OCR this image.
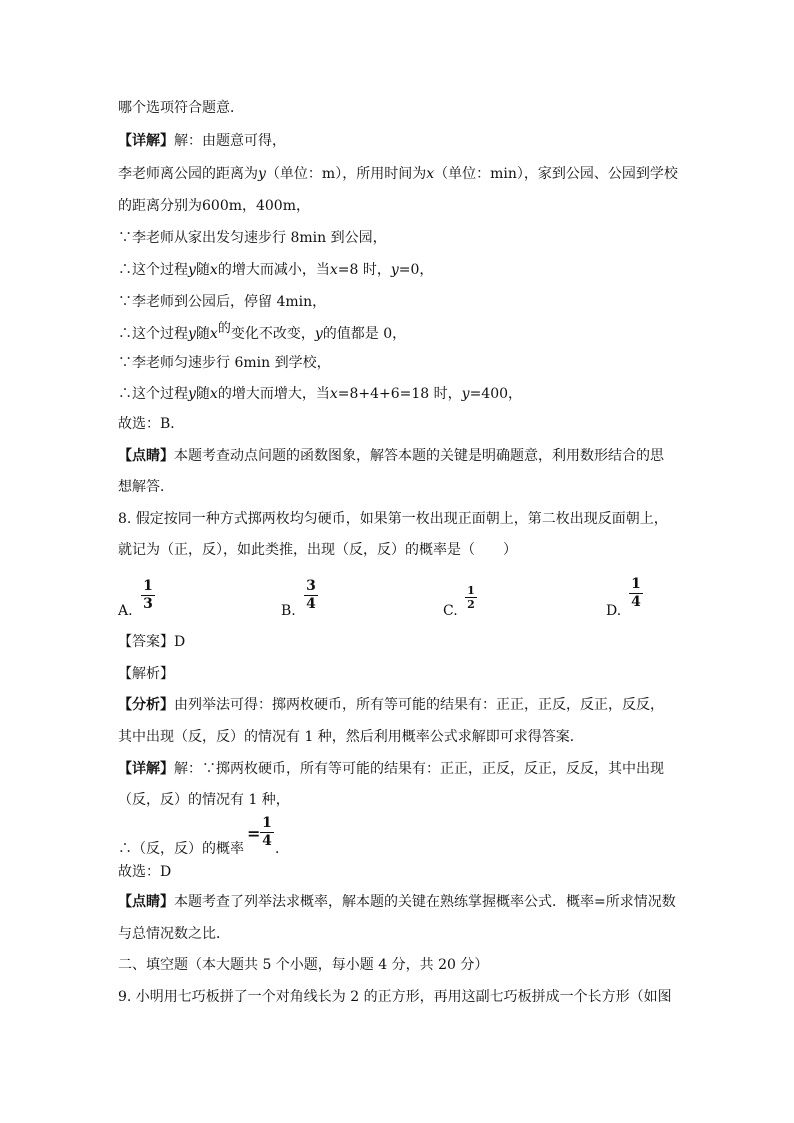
哪个选项符合题意．
【详解】解：由题意可得，
李老师离公园的距离为y（单位：m），所用时间为x（单位：min），家到公园、公园到学校
的距离分别为600m，400m，
∵李老师从家出发匀速步行 8min 到公园，
∴这个过程y随x的增大而减小，当x=8 时，y=0，
∵李老师到公园后，停留 4min，
∴这个过程y随x的变化不改变，y的值都是 0，
∵李老师匀速步行 6min 到学校，
∴这个过程y随x的增大而增大，当x=8+4+6=18 时，y=400，
故选：B．
【点睛】本题考查动点问题的函数图象，解答本题的关键是明确题意，利用数形结合的思
想解答．
8. 假定按同一种方式掷两枚均匀硬币，如果第一枚出现正面朝上，第二枚出现反面朝上，
就记为（正，反），如此类推，出现（反，反）的概率是（　　）
A.
1
3	B.
3
4	C.
1
2	D.
1
4
【答案】D
【解析】
【分析】由列举法可得：掷两枚硬币，所有等可能的结果有：正正，正反，反正，反反，
其中出现（反，反）的情况有 1 种，然后利用概率公式求解即可求得答案．
【详解】解：∵掷两枚硬币，所有等可能的结果有：正正，正反，反正，反反，其中出现
（反，反）的情况有 1 种，
∴（反，反）的概率
=
1
4 ．
故选：D
【点睛】本题考查了列举法求概率，解本题的关键在熟练掌握概率公式．概率=所求情况数
与总情况数之比．
二、填空题（本大题共 5 个小题，每小题 4 分，共 20 分）
9. 小明用七巧板拼了一个对角线长为 2 的正方形，再用这副七巧板拼成一个长方形（如图
